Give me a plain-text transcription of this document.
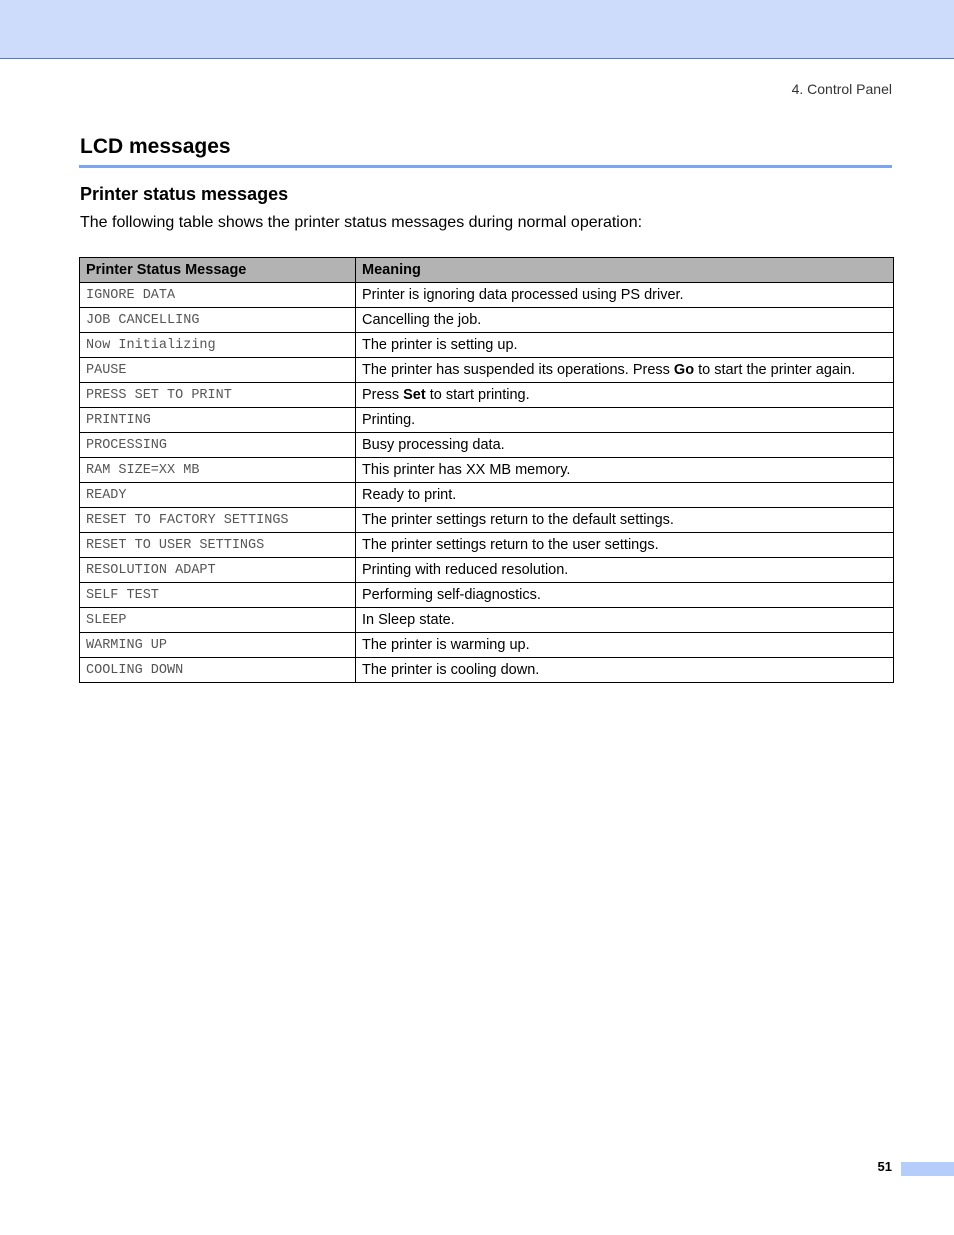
4. Control Panel
LCD messages
Printer status messages

The following table shows the printer status messages during normal operation:

Printer Status Message	Meaning
IGNORE DATA	Printer is ignoring data processed using PS driver.
JOB CANCELLING	Cancelling the job.
Now Initializing	The printer is setting up.
PAUSE	The printer has suspended its operations. Press Go to start the printer again.
PRESS SET TO PRINT	Press Set to start printing.
PRINTING	Printing.
PROCESSING	Busy processing data.
RAM SIZE=XX MB	This printer has XX MB memory.
READY	Ready to print.
RESET TO FACTORY SETTINGS	The printer settings return to the default settings.
RESET TO USER SETTINGS	The printer settings return to the user settings.
RESOLUTION ADAPT	Printing with reduced resolution.
SELF TEST	Performing self-diagnostics.
SLEEP	In Sleep state.
WARMING UP	The printer is warming up.
COOLING DOWN	The printer is cooling down.
51
